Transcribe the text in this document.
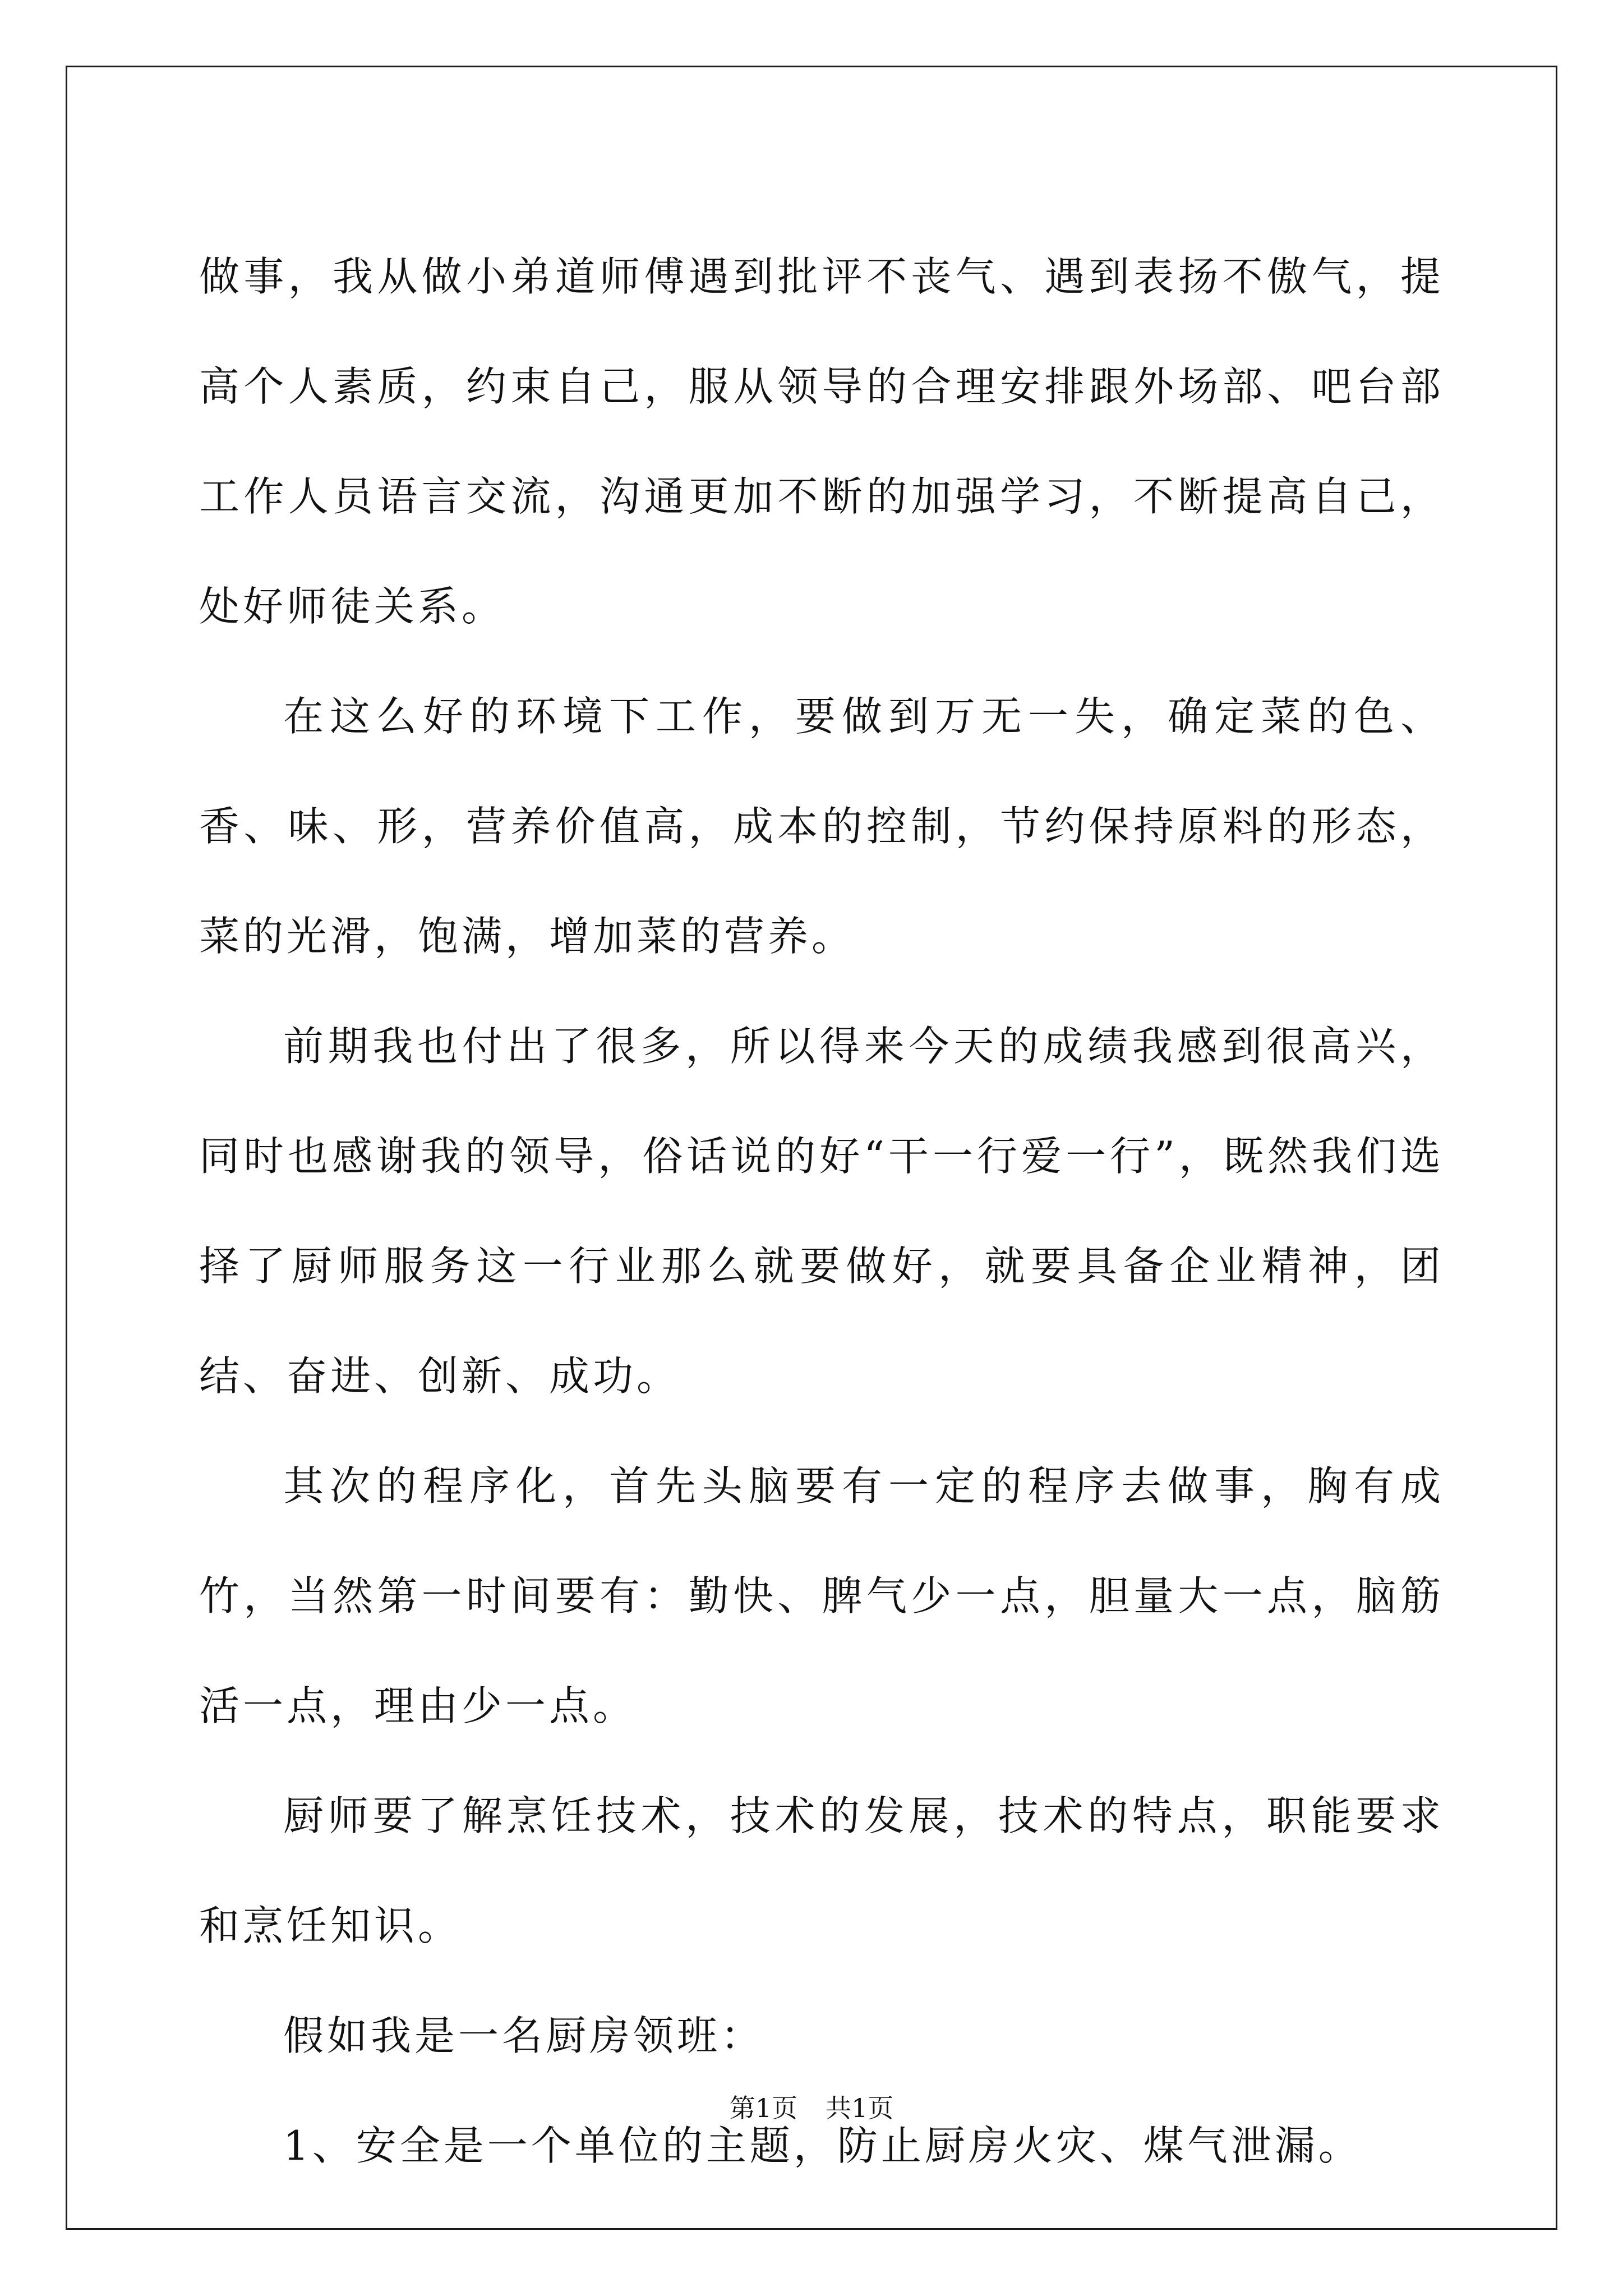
做事，我从做小弟道师傅遇到批评不丧气、遇到表扬不傲气，提高个人素质，约束自己，服从领导的合理安排跟外场部、吧台部工作人员语言交流，沟通更加不断的加强学习，不断提高自己，处好师徒关系。

在这么好的环境下工作，要做到万无一失，确定菜的色、香、味、形，营养价值高，成本的控制，节约保持原料的形态，菜的光滑，饱满，增加菜的营养。

前期我也付出了很多，所以得来今天的成绩我感到很高兴，同时也感谢我的领导，俗话说的好“干一行爱一行”，既然我们选择了厨师服务这一行业那么就要做好，就要具备企业精神，团结、奋进、创新、成功。

其次的程序化，首先头脑要有一定的程序去做事，胸有成竹，当然第一时间要有：勤快、脾气少一点，胆量大一点，脑筋活一点，理由少一点。

厨师要了解烹饪技术，技术的发展，技术的特点，职能要求和烹饪知识。

假如我是一名厨房领班：

1、安全是一个单位的主题，防止厨房火灾、煤气泄漏。

第1页 共1页
